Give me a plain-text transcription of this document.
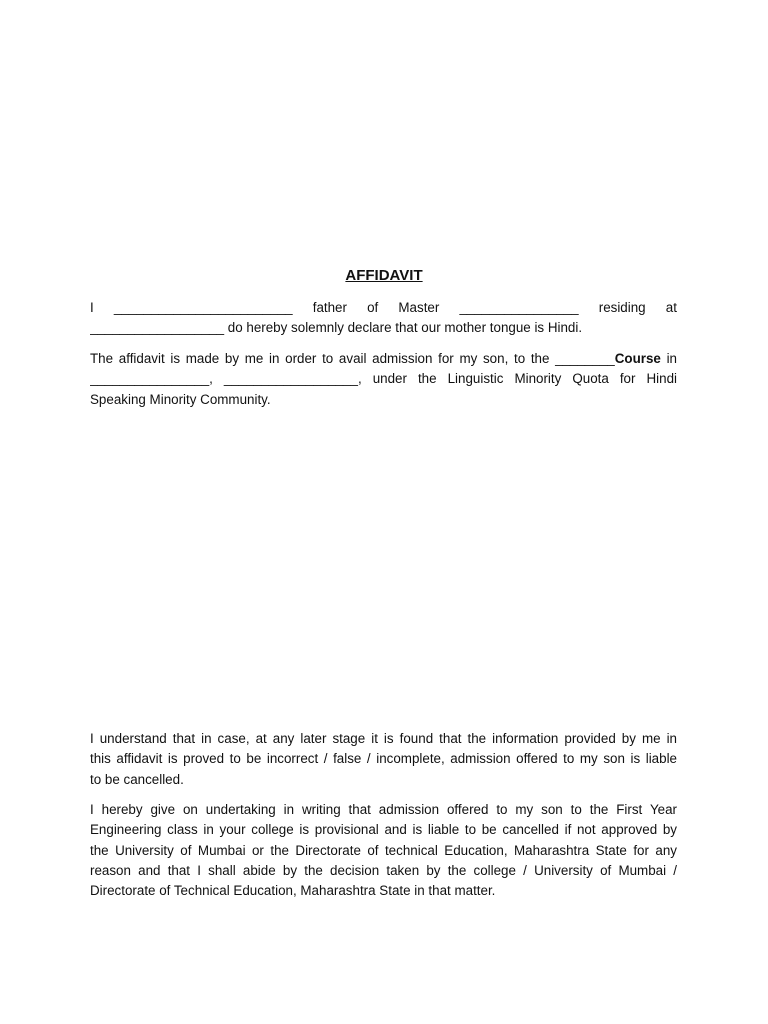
AFFIDAVIT
I ________________________ father of Master ________________ residing at
__________________ do hereby solemnly declare that our mother tongue is Hindi.
The affidavit is made by me in order to avail admission for my son, to the ________Course in
________________, __________________, under the Linguistic Minority Quota for Hindi
Speaking Minority Community.
I understand that in case, at any later stage it is found that the information provided by me in
this affidavit is proved to be incorrect / false / incomplete, admission offered to my son is liable
to be cancelled.
I hereby give on undertaking in writing that admission offered to my son to the First Year
Engineering class in your college is provisional and is liable to be cancelled if not approved by
the University of Mumbai or the Directorate of technical Education, Maharashtra State for any
reason and that I shall abide by the decision taken by the college / University of Mumbai /
Directorate of Technical Education, Maharashtra State in that matter.
